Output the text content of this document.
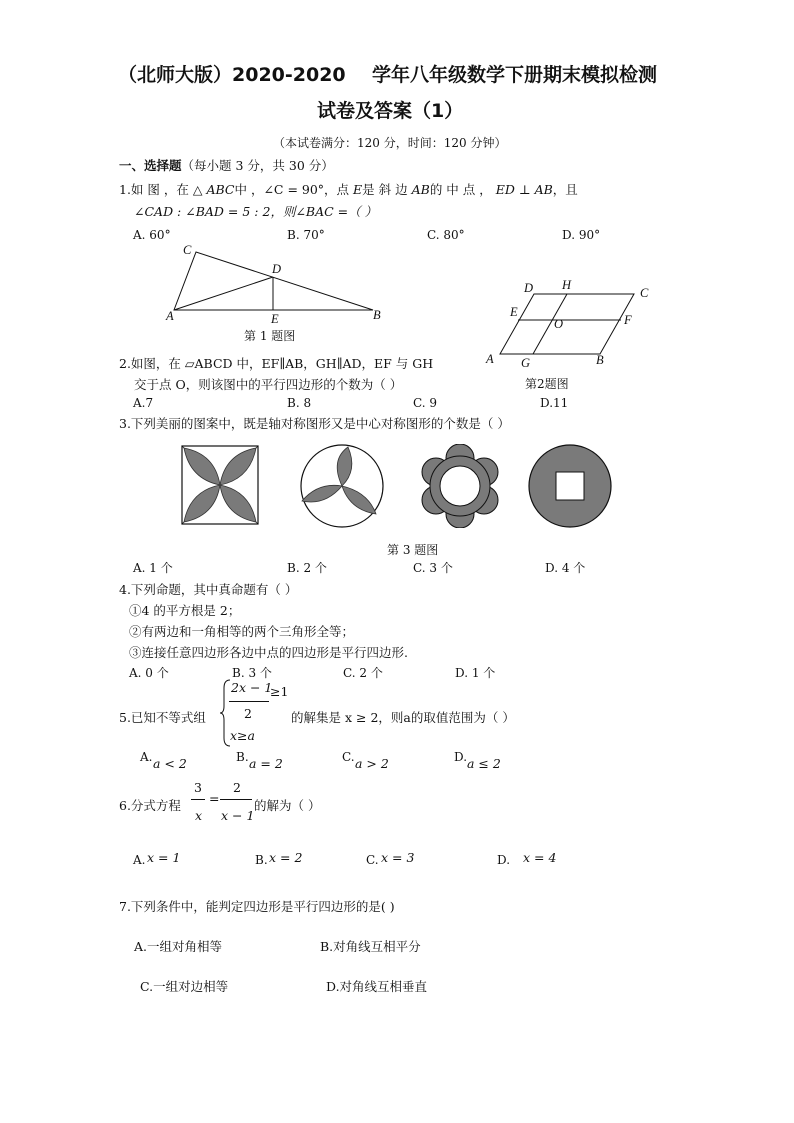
（北师大版）2020-2020 学年八年级数学下册期末模拟检测
试卷及答案（1）
（本试卷满分：120 分，时间：120 分钟）
一、选择题（每小题 3 分，共 30 分）
1.如 图 ，在 △ ABC中 ，∠C = 90°，点 E是 斜 边 AB的 中 点 ， ED ⊥ AB，且
∠CAD : ∠BAD = 5 : 2，则∠BAC =（ ）
A. 60°	B. 70°	C. 80°	D. 90°
C
D
A	E	B
第 1 题图
D H
C
E
O	F
A G	B
第2题图
2.如图，在 ▱ABCD 中，EF∥AB，GH∥AD，EF 与 GH
交于点 O，则该图中的平行四边形的个数为（ ）
A.7	B. 8	C. 9	D.11
3.下列美丽的图案中，既是轴对称图形又是中心对称图形的个数是（ ）
第 3 题图
A. 1 个	B. 2 个	C. 3 个	D. 4 个
4.下列命题，其中真命题有（ ）
①4 的平方根是 2；
②有两边和一角相等的两个三角形全等；
③连接任意四边形各边中点的四边形是平行四边形.
A. 0 个	B. 3 个	C. 2 个	D. 1 个
5.已知不等式组
2x − 1
≥1
2
x≥a
的解集是 x ≥ 2，则a的取值范围为（ ）
A. a < 2	B. a = 2	C. a > 2	D. a ≤ 2
6.分式方程
3
x
=
2
x − 1
的解为（ ）
A. x = 1	B. x = 2	C. x = 3	D. x = 4
7.下列条件中，能判定四边形是平行四边形的是( )
A.一组对角相等	B.对角线互相平分
C.一组对边相等	D.对角线互相垂直
